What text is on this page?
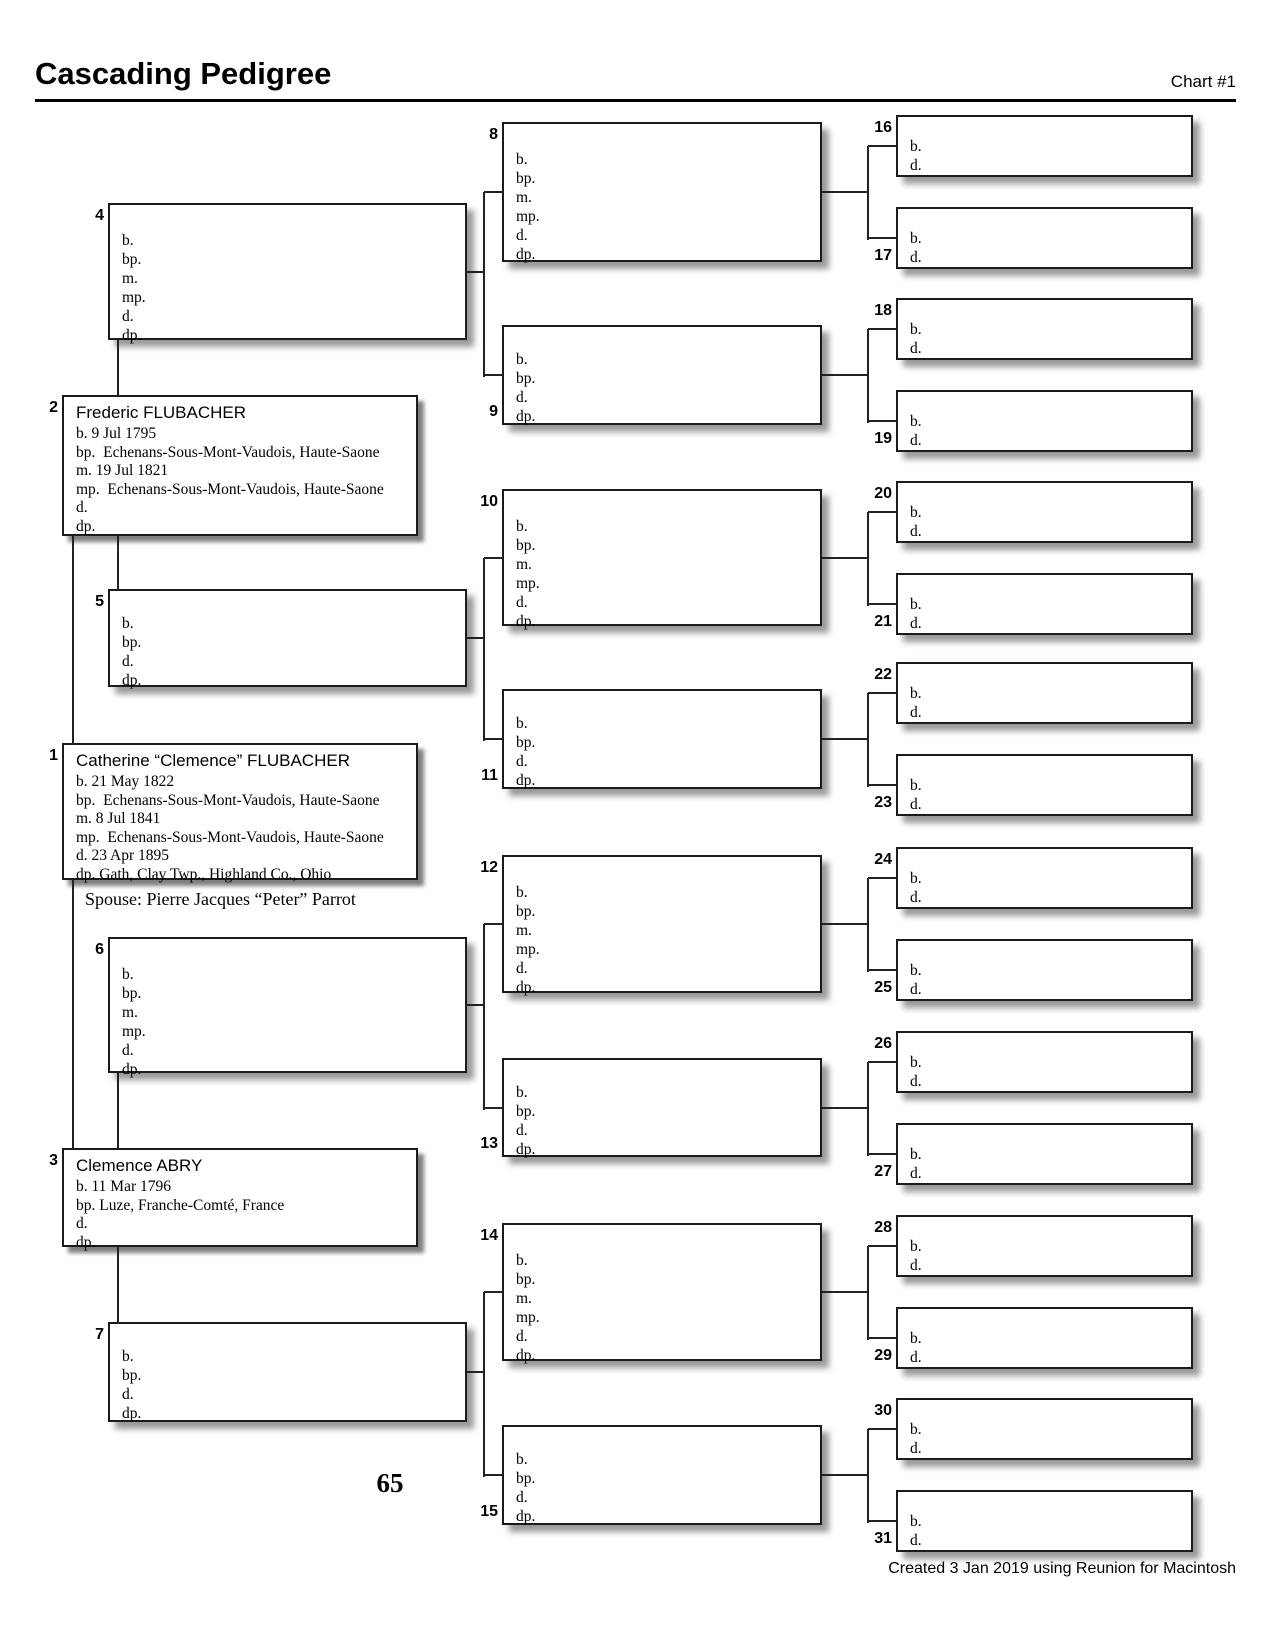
Cascading Pedigree	Chart #1
Spouse: Pierre Jacques “Peter” Parrot
65
Created 3 Jan 2019 using Reunion for Macintosh
Catherine “Clemence” FLUBACHER
b. 21 May 1822
bp.  Echenans-Sous-Mont-Vaudois, Haute-Saone
m. 8 Jul 1841
mp.  Echenans-Sous-Mont-Vaudois, Haute-Saone
d. 23 Apr 1895
dp. Gath, Clay Twp., Highland Co., Ohio
1
Frederic FLUBACHER
b. 9 Jul 1795
bp.  Echenans-Sous-Mont-Vaudois, Haute-Saone
m. 19 Jul 1821
mp.  Echenans-Sous-Mont-Vaudois, Haute-Saone
d.
dp.
2
Clemence ABRY
b. 11 Mar 1796
bp. Luze, Franche-Comté, France
d.
dp.
3
b.
bp.
m.
mp.
d.
dp.
4
b.
bp.
d.
dp.
5
b.
bp.
m.
mp.
d.
dp.
6
b.
bp.
d.
dp.
7
b.
bp.
m.
mp.
d.
dp.
8
b.
bp.
d.
dp.
9
b.
bp.
m.
mp.
d.
dp.
10
b.
bp.
d.
dp.
11
b.
bp.
m.
mp.
d.
dp.
12
b.
bp.
d.
dp.
13
b.
bp.
m.
mp.
d.
dp.
14
b.
bp.
d.
dp.
15
b.
d.
16
b.
d.
17
b.
d.
18
b.
d.
19
b.
d.
20
b.
d.
21
b.
d.
22
b.
d.
23
b.
d.
24
b.
d.
25
b.
d.
26
b.
d.
27
b.
d.
28
b.
d.
29
b.
d.
30
b.
d.
31
